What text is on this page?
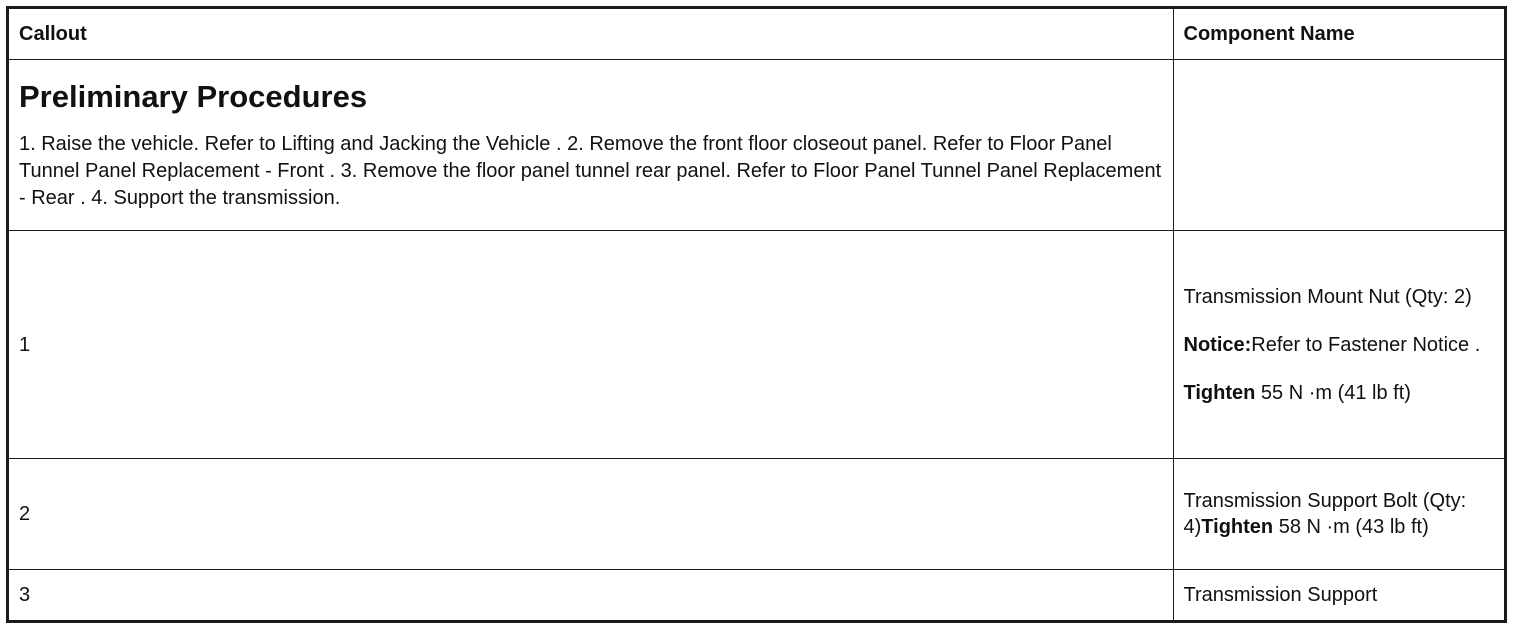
Callout	Component Name

Preliminary Procedures

1. Raise the vehicle. Refer to Lifting and Jacking the Vehicle . 2. Remove the front floor closeout panel. Refer to Floor Panel Tunnel Panel Replacement - Front . 3. Remove the floor panel tunnel rear panel. Refer to Floor Panel Tunnel Panel Replacement - Rear . 4. Support the transmission.	

1	Transmission Mount Nut (Qty: 2)

Notice:Refer to Fastener Notice .

Tighten 55 N ·m (41 lb ft)

2	Transmission Support Bolt (Qty: 4)Tighten 58 N ·m (43 lb ft)

3	Transmission Support
